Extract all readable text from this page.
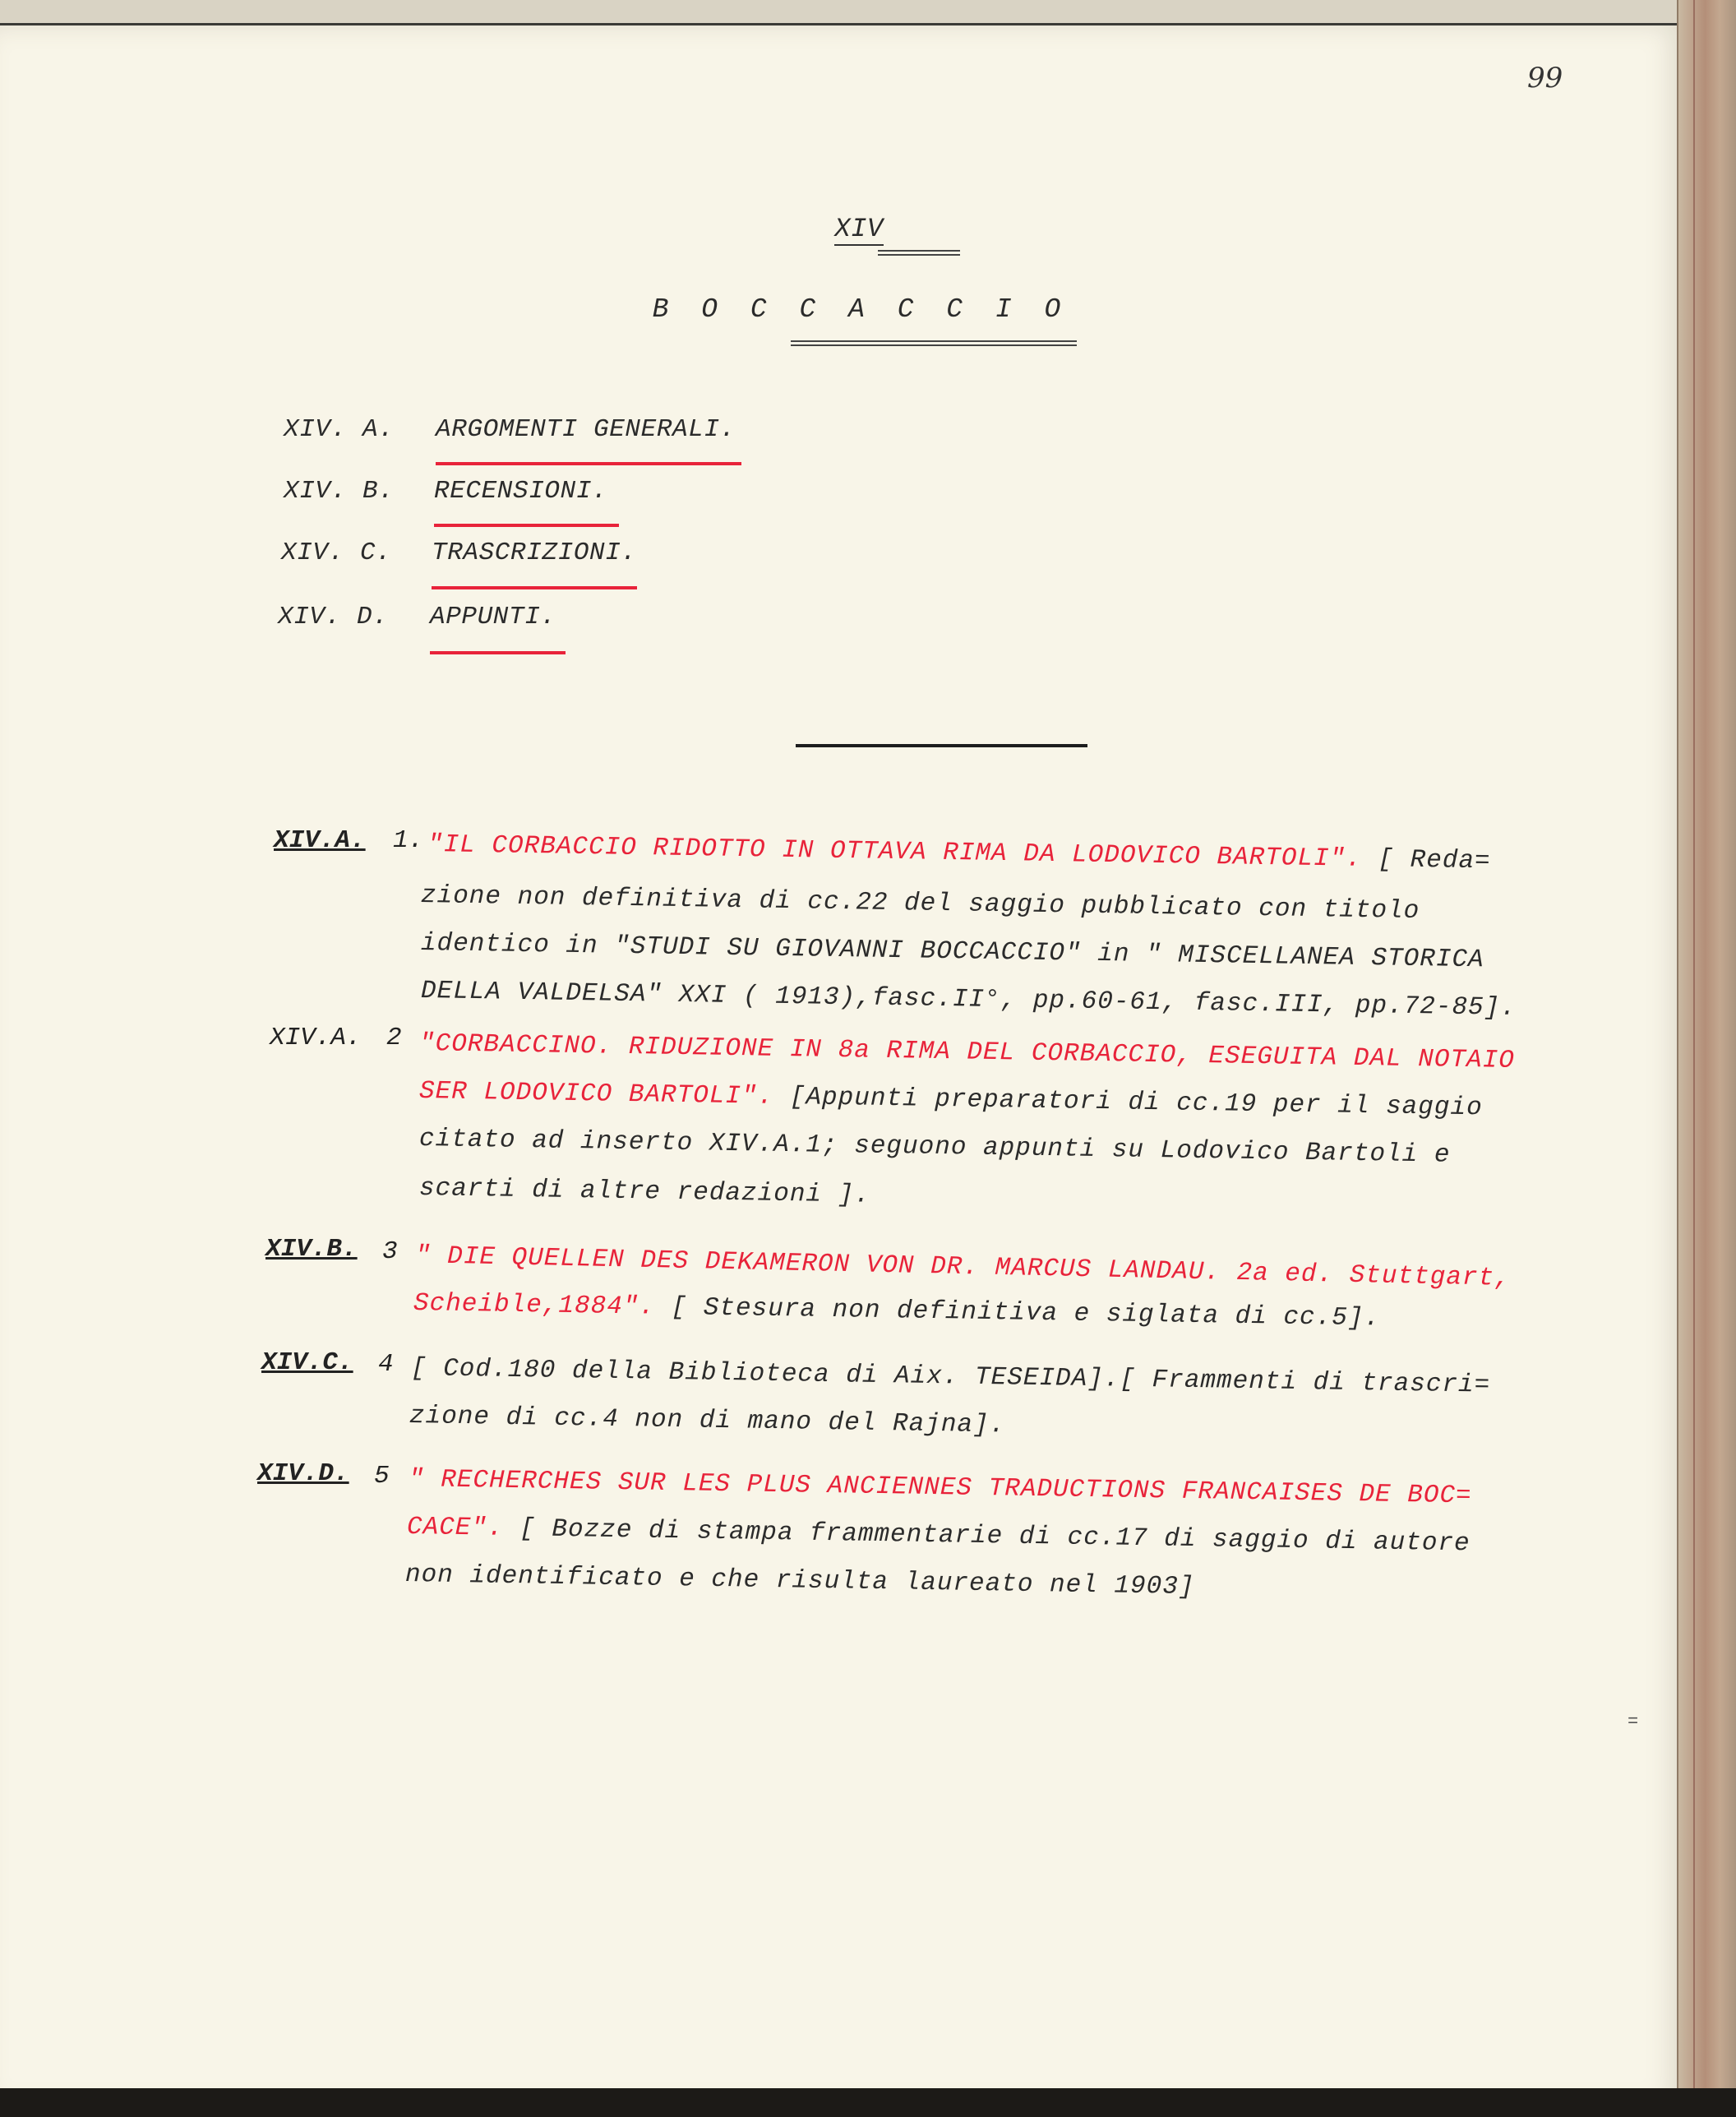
99
XIV
B O C C A C C I O
XIV. A. ARGOMENTI GENERALI.
XIV. B. RECENSIONI.
XIV. C. TRASCRIZIONI.
XIV. D. APPUNTI.
XIV.A. 1. "IL CORBACCIO RIDOTTO IN OTTAVA RIMA DA LODOVICO BARTOLI". [ Reda=
zione non definitiva di cc.22 del saggio pubblicato con titolo
identico in "STUDI SU GIOVANNI BOCCACCIO" in " MISCELLANEA STORICA
DELLA VALDELSA" XXI ( 1913),fasc.II°, pp.60-61, fasc.III, pp.72-85].
XIV.A. 2 "CORBACCINO. RIDUZIONE IN 8a RIMA DEL CORBACCIO, ESEGUITA DAL NOTAIO
SER LODOVICO BARTOLI". [Appunti preparatori di cc.19 per il saggio
citato ad inserto XIV.A.1; seguono appunti su Lodovico Bartoli e
scarti di altre redazioni ].
XIV.B. 3 " DIE QUELLEN DES DEKAMERON VON DR. MARCUS LANDAU. 2a ed. Stuttgart,
Scheible,1884". [ Stesura non definitiva e siglata di cc.5].
XIV.C. 4 [ Cod.180 della Biblioteca di Aix. TESEIDA].[ Frammenti di trascri=
zione di cc.4 non di mano del Rajna].
XIV.D. 5 " RECHERCHES SUR LES PLUS ANCIENNES TRADUCTIONS FRANCAISES DE BOC=
CACE". [ Bozze di stampa frammentarie di cc.17 di saggio di autore
non identificato e che risulta laureato nel 1903]
=
